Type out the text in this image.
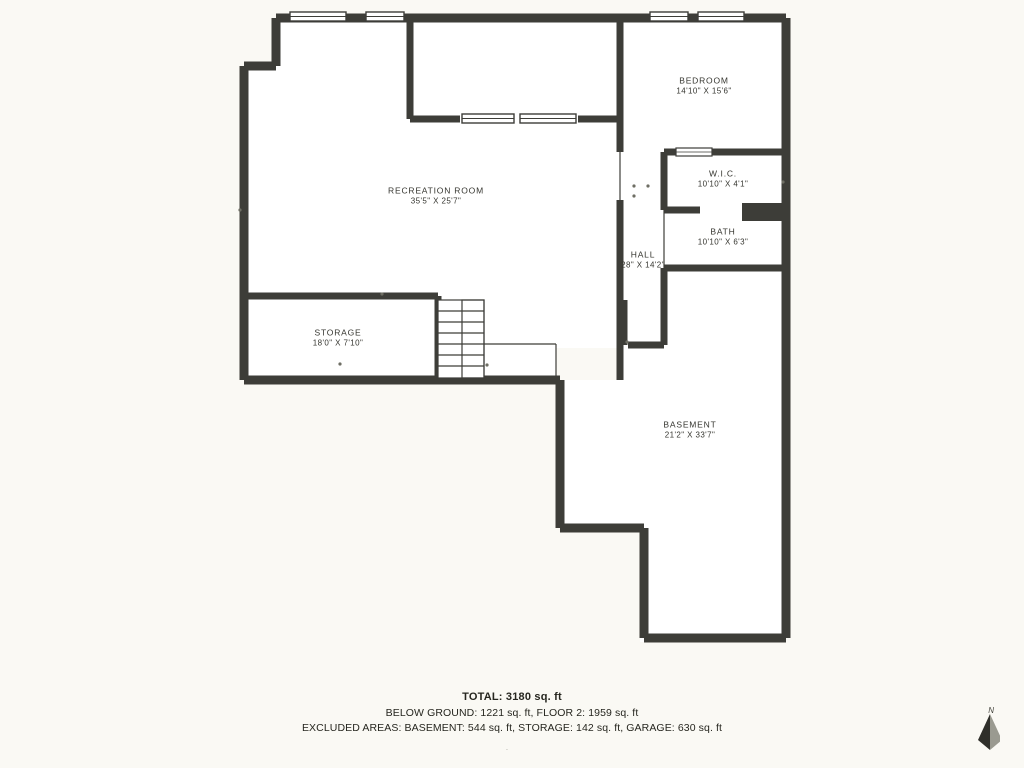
BEDROOM
14'10" X 15'6"
W.I.C.
10'10" X 4'1"
BATH
10'10" X 6'3"
RECREATION ROOM
35'5" X 25'7"
HALL
28" X 14'2"
STORAGE
18'0" X 7'10"
BASEMENT
21'2" X 33'7"
TOTAL: 3180 sq. ft
BELOW GROUND: 1221 sq. ft, FLOOR 2: 1959 sq. ft
EXCLUDED AREAS: BASEMENT: 544 sq. ft, STORAGE: 142 sq. ft, GARAGE: 630 sq. ft
.
N
